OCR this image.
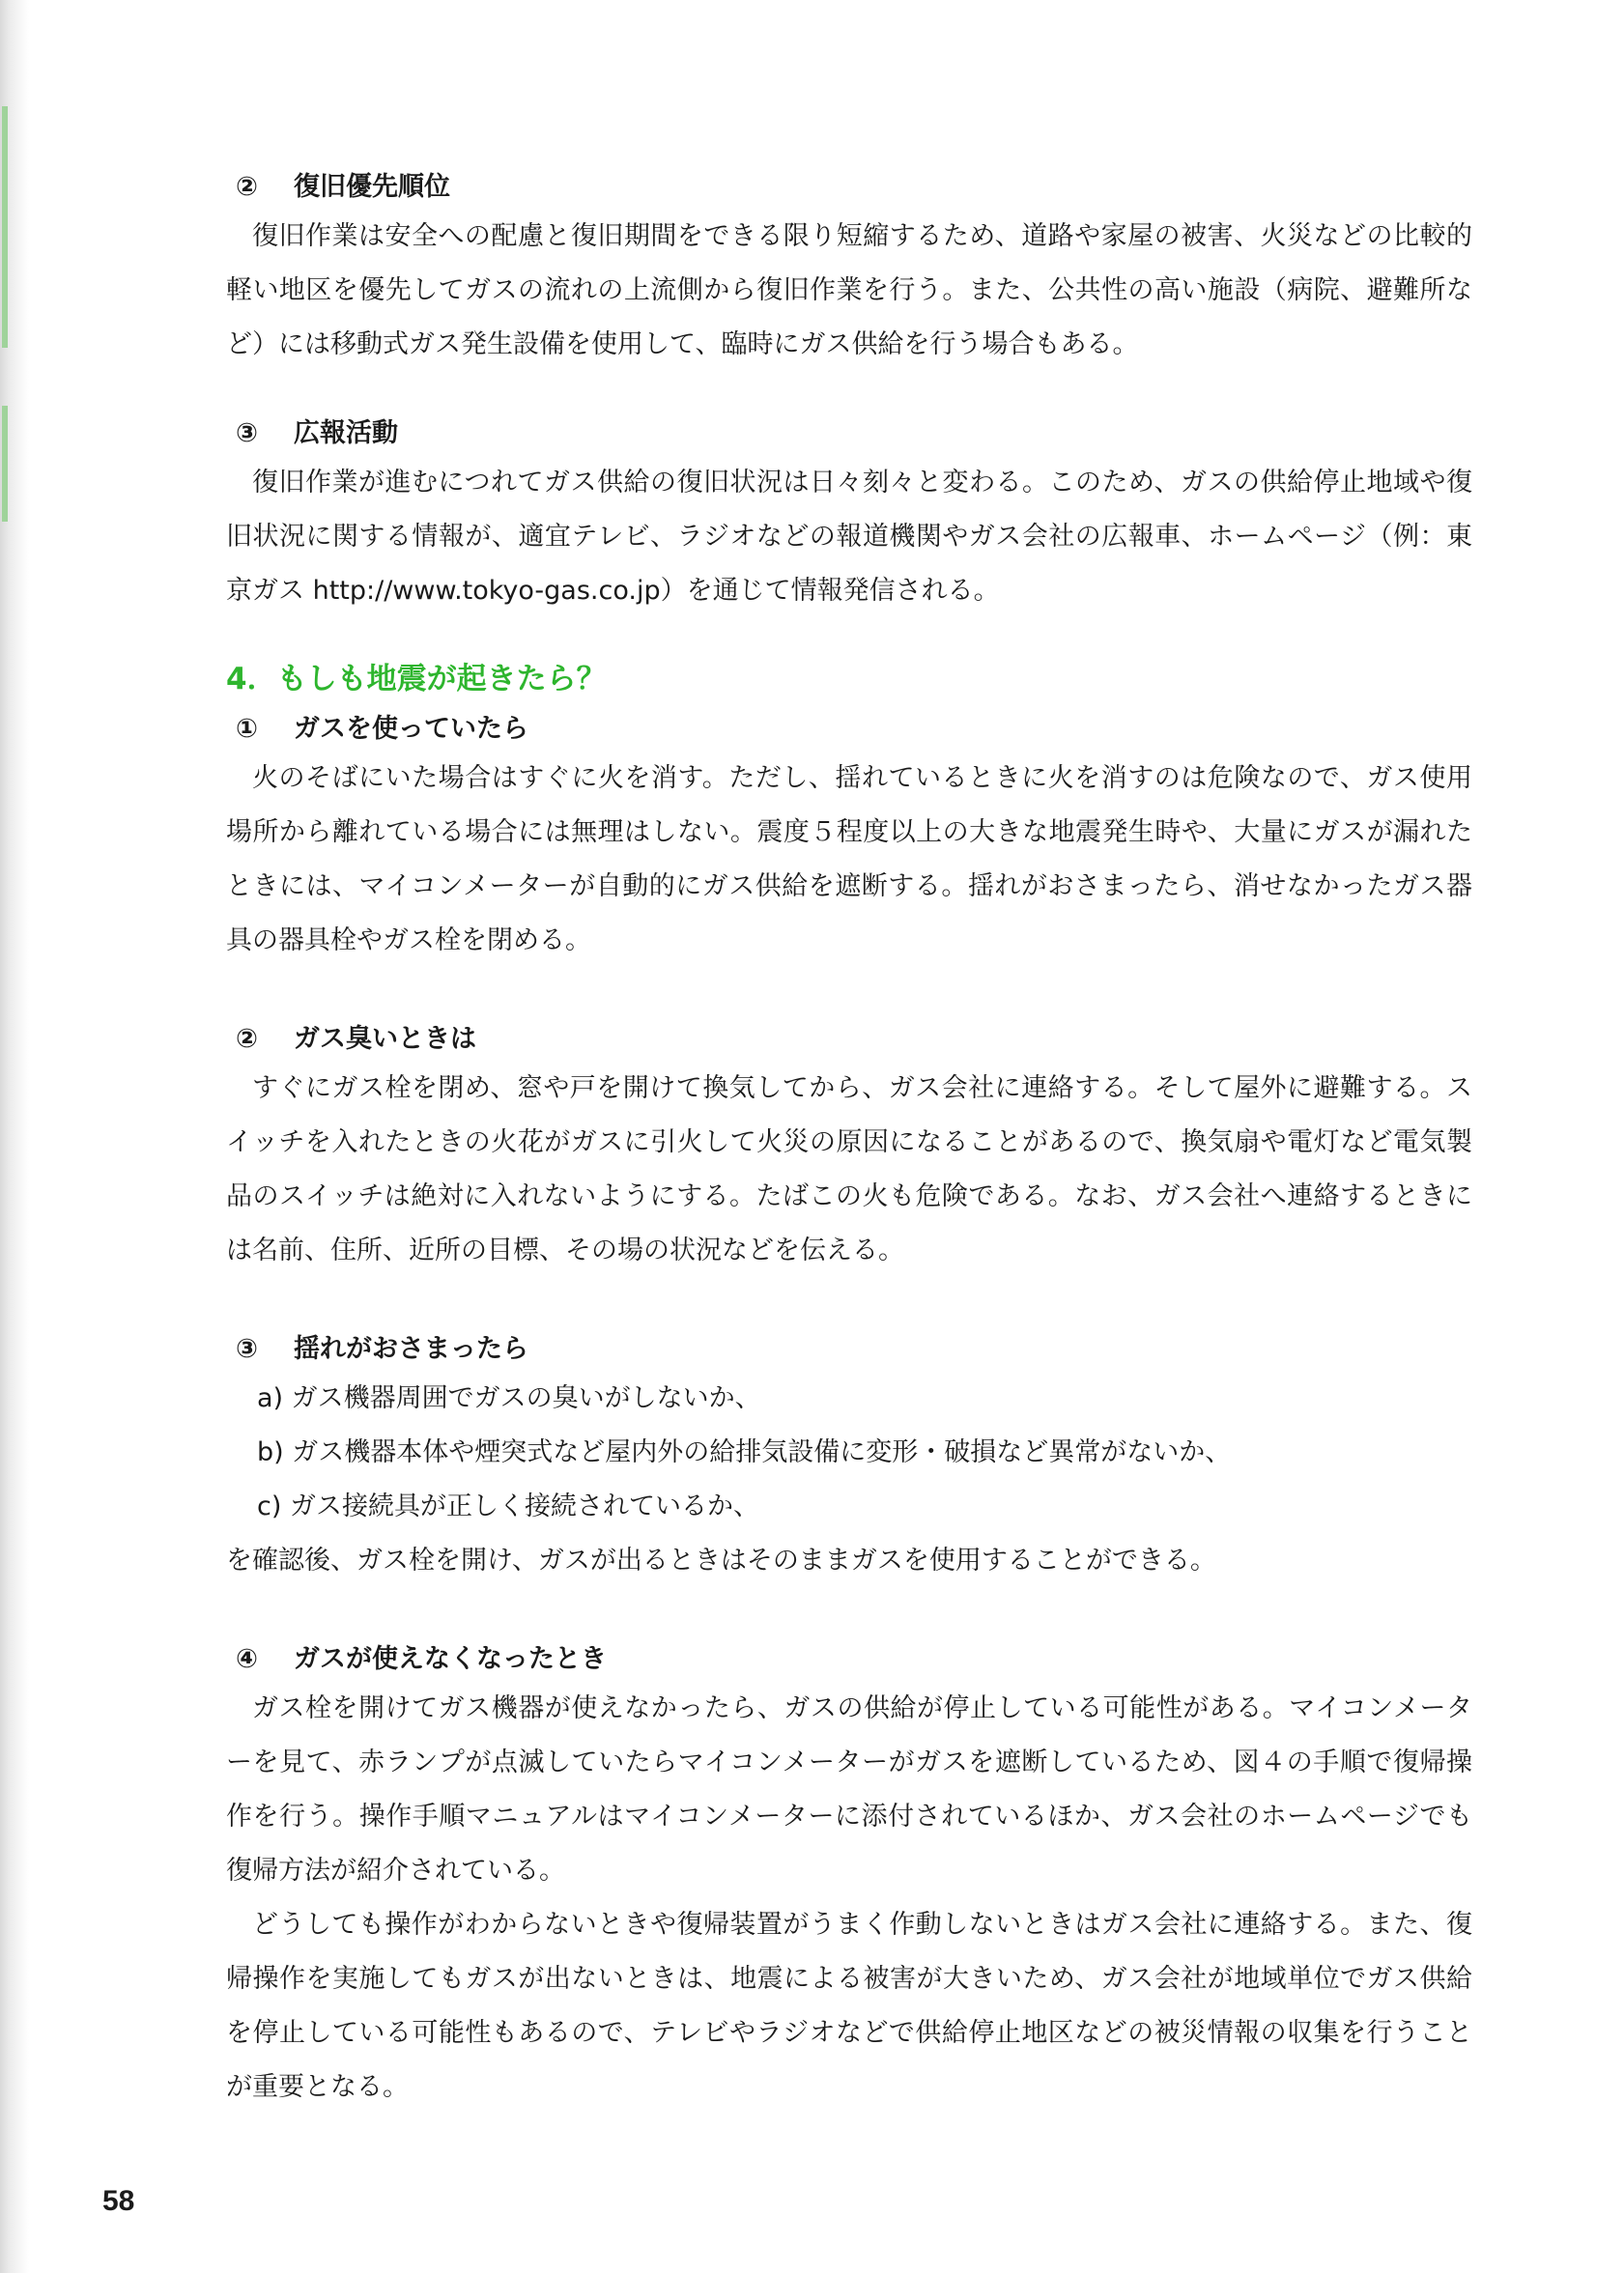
② 復旧優先順位

復旧作業は安全への配慮と復旧期間をできる限り短縮するため、道路や家屋の被害、火災などの比較的軽い地区を優先してガスの流れの上流側から復旧作業を行う。また、公共性の高い施設（病院、避難所など）には移動式ガス発生設備を使用して、臨時にガス供給を行う場合もある。

③ 広報活動

復旧作業が進むにつれてガス供給の復旧状況は日々刻々と変わる。このため、ガスの供給停止地域や復旧状況に関する情報が、適宜テレビ、ラジオなどの報道機関やガス会社の広報車、ホームページ（例：東京ガス http://www.tokyo-gas.co.jp）を通じて情報発信される。

4．もしも地震が起きたら？

① ガスを使っていたら

火のそばにいた場合はすぐに火を消す。ただし、揺れているときに火を消すのは危険なので、ガス使用場所から離れている場合には無理はしない。震度５程度以上の大きな地震発生時や、大量にガスが漏れたときには、マイコンメーターが自動的にガス供給を遮断する。揺れがおさまったら、消せなかったガス器具の器具栓やガス栓を閉める。

② ガス臭いときは

すぐにガス栓を閉め、窓や戸を開けて換気してから、ガス会社に連絡する。そして屋外に避難する。スイッチを入れたときの火花がガスに引火して火災の原因になることがあるので、換気扇や電灯など電気製品のスイッチは絶対に入れないようにする。たばこの火も危険である。なお、ガス会社へ連絡するときには名前、住所、近所の目標、その場の状況などを伝える。

③ 揺れがおさまったら

a) ガス機器周囲でガスの臭いがしないか、

b) ガス機器本体や煙突式など屋内外の給排気設備に変形・破損など異常がないか、

c) ガス接続具が正しく接続されているか、

を確認後、ガス栓を開け、ガスが出るときはそのままガスを使用することができる。

④ ガスが使えなくなったとき

ガス栓を開けてガス機器が使えなかったら、ガスの供給が停止している可能性がある。マイコンメーターを見て、赤ランプが点滅していたらマイコンメーターがガスを遮断しているため、図４の手順で復帰操作を行う。操作手順マニュアルはマイコンメーターに添付されているほか、ガス会社のホームページでも復帰方法が紹介されている。

どうしても操作がわからないときや復帰装置がうまく作動しないときはガス会社に連絡する。また、復帰操作を実施してもガスが出ないときは、地震による被害が大きいため、ガス会社が地域単位でガス供給を停止している可能性もあるので、テレビやラジオなどで供給停止地区などの被災情報の収集を行うことが重要となる。

58
